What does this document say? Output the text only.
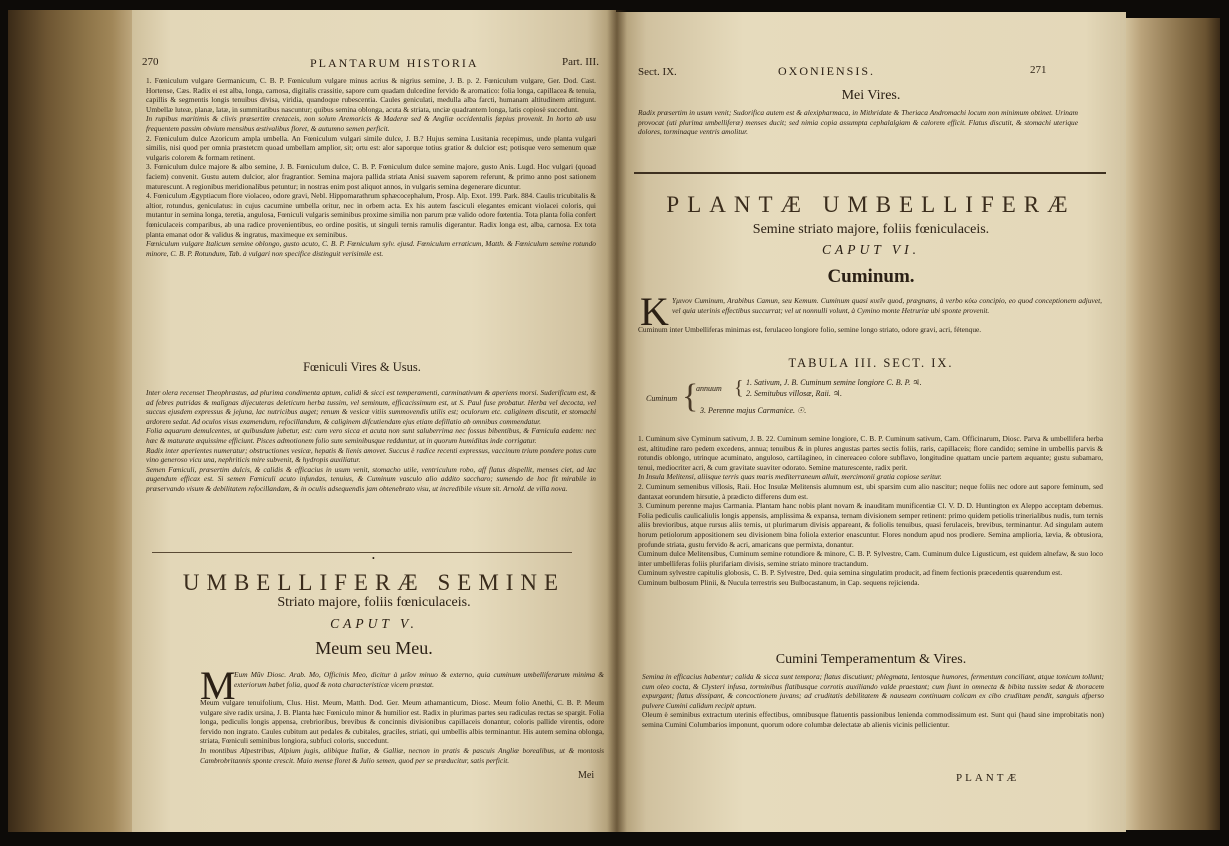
270	PLANTARUM HISTORIA	Part. III.

1. Fœniculum vulgare Germanicum, C. B. P. Fœniculum vulgare minus acrius & nigrius semine, J. B. p. 2. Fœniculum vulgare, Ger. Dod. Cast. Hortense, Cæs. Radix ei est alba, longa, carnosa, digitalis crassitie, sapore cum quadam dulcedine fervido & aromatico: folia longa, capillacea & tenuia, capillis & segmentis longis tenuibus divisa, viridia, quandoque rubescentia. Caules geniculati, medulla alba farcti, humanam altitudinem attingunt. Umbellæ luteæ, planæ, latæ, in summitatibus nascuntur; quibus semina oblonga, acuta & striata, unciæ quadrantem longa, latis copiosè succedunt.

In rupibus maritimis & clivis præsertim cretaceis, non solum Aremoricis & Maderæ sed & Angliæ occidentalis fæpius provenit. In horto ab usu frequentem passim obvium mensibus æstivalibus floret, & autumno semen perficit.

2. Fœniculum dulce Azoricum ampla umbella. An Fœniculum vulgari simile dulce, J. B.? Hujus semina Lusitania recepimus, unde planta vulgari similis, nisi quod per omnia præstetcm quoad umbellam amplior, sit; ortu est: alor saporque totius gratior & dulcior est; potisque vero semenum quæ vulgaris colorem & formam retinent.

3. Fœniculum dulce majore & albo semine, J. B. Fœniculum dulce, C. B. P. Fœniculum dulce semine majore, gusto Anis. Lugd. Hoc vulgari (quoad faciem) convenit. Gustu autem dulcior, alor fragrantior. Semina majora pallida striata Anisi suavem saporem referunt, & primo anno post sationem maturescunt. A regionibus meridionalibus petuntur; in nostras enim post aliquot annos, in vulgaris semina degenerare dicuntur.

4. Fœniculum Ægyptiacum flore violaceo, odore gravi, Nebl. Hippomarathrum sphæcocephalum, Prosp. Alp. Exot. 199. Park. 884. Caulis tricubitalis & altior, rotundus, geniculatus: in cujus cacumine umbella oritur, nec in orbem acta. Ex his autem fasciculi elegantes emicant violacei coloris, qui mutantur in semina longa, teretia, angulosa, Fœniculi vulgaris seminibus proxime similia non parum præ valido odore fœtentia. Tota planta folia confert fœniculaceis comparibus, ab una radice provenientibus, eo ordine positis, ut singuli ternis ramulis digerantur. Radix longa est, alba, carnosa. Ex tota planta emanat odor & validus & ingratus, maximeque ex seminibus.

Fœniculum vulgare Italicum semine oblongo, gusto acuto, C. B. P. Fœniculum sylv. ejusd. Fœniculum erraticum, Matth. & Fœniculum semine rotundo minore, C. B. P. Rotundum, Tab. à vulgari non specifice distinguit verisimile est.

Fœniculi Vires & Usus.

Inter olera recenset Theophrastus, ad plurima condimenta aptum, calidi & sicci est temperamenti, carminativum & aperiens morsi. Suderificum est, & ad febres putridas & malignas dijecuteras deleticum herba tussim, vel seminum, efficacissimum est, ut S. Paul fuse probatur. Herba vel decocta, vel succus ejusdem expressus & jejuna, lac nutricibus auget; renum & vesicæ vitiis summovendis utilis est; oculorum etc. caliginem discutit, et stomachi ardorem sedat. Ad oculos visus examendum, refocillandum, & caliginem difcutiendam ejus etiam defillatio ab omnibus commendatur.

Folia aquarum demulcentes, ut quibusdam jubetur, est: cum vero sicca et acuta non sunt saluberrima nec fossus bibentibus, & Fœnicula eadem: nec hæc & maturate æquissime efficiunt. Pisces admotionem folio sum seminibusque redduntur, ut in quorum humiditas inde corrigatur.

Radix inter aperientes numeratur; obstructiones vesicæ, hepatis & lienis amovet. Succus è radice recenti expressus, vaccinum trium pondere potus cum vino generoso vicu una, nephriticis mire subvenit, & hydropis auxiliatur.

Semen Fœniculi, præsertim dulcis, & calidis & efficacius in usum venit, stomacho utile, ventriculum robo, aff flatus dispellit, menses ciet, ad lac augendum efficax est. Si semen Fœniculi acuto infundas, tenuius, & Cuminum vasculo alio addito saccharo; sumendo de hoc fit mirabile in præservando visum & debilitatem refocillandam, & in oculis adsequendis jam obtenebrato visu, ut incredibile visum sit. Arnold. de villa nova.

•
UMBELLIFERÆ SEMINE
Striato majore, foliis fœniculaceis.
CAPUT V.
Meum seu Meu.
M

Eum Mūv Diosc. Arab. Mo, Officinis Meo, dicitur à μεῖον minuo & externo, quia cuminum umbelliferarum minima & exteriorum habet folia, quod & nota characteristicæ vicem præstat.

Meum vulgare tenuifolium, Clus. Hist. Meum, Matth. Dod. Ger. Meum athamanticum, Diosc. Meum folio Anethi, C. B. P. Meum vulgare sive radix ursina, J. B. Planta hæc Fœniculo minor & humilior est. Radix in plurimas partes seu radiculas rectas se spargit. Folia longa, pediculis longis appensa, crebrioribus, brevibus & concinnis divisionibus capillaceis donantur, coloris pallide virentis, odore fervido non ingrato. Caules cubitum aut pedales & cubitales, graciles, striati, qui umbellis albis terminantur. His autem semina oblonga, striata, Fœniculi seminibus longiora, subfuci coloris, succedunt.

In montibus Alpestribus, Alpium jugis, alibique Italiæ, & Galliæ, necnon in pratis & pascuis Angliæ borealibus, ut & montosis Cambrobritannis sponte crescit. Maio mense floret & Julio semen, quod per se præducitur, satis perficit.

Mei
Sect. IX.	OXONIENSIS.	271
Mei Vires.
Radix præsertim in usum venit; Sudorifica autem est & alexipharmaca, in Mithridate & Theriaca Andromachi locum non minimum obtinet. Urinam provocat (uti plurima umbelliferæ) menses ducit; sed nimia copia assumpta cephalalgiam & calorem efficit. Flatus discutit, & stomachi uterique dolores, torminaque ventris amolitur.
PLANTÆ UMBELLIFERÆ
Semine striato majore, foliis fœniculaceis.
CAPUT VI.
Cuminum.
K Yμινον Cuminum, Arabibus Camun, seu Kemum. Cuminum quasi κυεῖν quod, prægnans, à verbo κύω concipio, eo quod conceptionem adjuvet, vel quia uterinis effectibus succurrat; vel ut nonnulli volunt, à Cymino monte Hetruriæ ubi sponte provenit.
Cuminum inter Umbelliferas minimas est, ferulaceo longiore folio, semine longo striato, odore gravi, acri, fétenque.
TABULA III. SECT. IX.
Cuminum {
annuum { 1. Sativum, J. B. Cuminum semine longiore C. B. P. ♃.
2. Semitubus villosæ, Raii. ♃.
3. Perenne majus Carmanice. ☉.

1. Cuminum sive Cyminum sativum, J. B. 22. Cuminum semine longiore, C. B. P. Cuminum sativum, Cam. Officinarum, Diosc. Parva & umbellifera herba est, altitudine raro pedem excedens, annua; tenuibus & in plures angustas partes sectis foliis, raris, capillaceis; flore candido; semine in umbellis parvis & rotundis oblongo, utrinque acuminato, anguloso, cartilagineo, in cinereaceo colore subflavo, longitudine quattam uncie partem æquante; gustu subamaro, tenui, mediocriter acri, & cum gravitate suaviter odorato. Semine maturescente, radix perit.

In Insula Melitensi, aliisque terris quas maris mediterraneum alluit, mercimonii gratia copiose seritur.

2. Cuminum semenibus villosis, Raii. Hoc Insulæ Melitensis alumnum est, ubi sparsim cum alio nascitur; neque foliis nec odore aut sapore feminum, sed dantaxat eorundem hirsutie, à prædicto differens dum est.

3. Cuminum perenne majus Carmania. Plantam hanc nobis plant novam & inauditam munificentiæ Cl. V. D. D. Huntington ex Aleppo acceptam debemus. Folia pediculis caulicaliulis longis appensis, amplissima & expansa, ternam divisionem semper retinent: primo quidem petiolis trinerialibus nudis, tum ternis aliis brevioribus, atque rursus aliis ternis, ut plurimarum divisis appareant, & foliolis tenuibus, quasi ferulaceis, brevibus, terminantur. Ad singulam autem horum petiolorum appositionem seu divisionem bina foliola exterior enascuntur. Flores nondum apud nos prodiere. Semina amplioria, lævia, & obtusiora, profunde striata, gustu fervido & acri, amaricans que permixta, donantur.

Cuminum dulce Melitensibus, Cuminum semine rotundiore & minore, C. B. P. Sylvestre, Cam. Cuminum dulce Ligusticum, est quidem alnefaw, & suo loco inter umbelliferas foliis plurifariam divisis, semine striato minore tractandum.

Cuminum sylvestre capitulis globosis, C. B. P. Sylvestre, Ded. quia semina singulatim producit, ad finem fectionis præcedentis quærendum est.

Cuminum bulbosum Plinii, & Nucula terrestris seu Bulbocastanum, in Cap. sequens rejicienda.

Cumini Temperamentum & Vires.

Semina in efficacius habentur; calida & sicca sunt tempora; flatus discutiunt; phlegmata, lentosque humores, fermentum conciliant, atque tonicum tollunt; cum oleo cocta, & Clysteri infusa, torminibus flatibusque corrotis auxiliando valde praestant; cum fiunt in omnecta & bibita tussim sedat & thoracem expurgant; flatus dissipant, & concoctionem juvans; ad cruditatis debilitatem & nauseam continuam colicam ex cibo cruditam pendit, sanguis afperso pulvere Cumini calidum recipit aptum.

Oleum è seminibus extractum uterinis effectibus, omnibusque flatuentis passionibus lenienda commodissimum est. Sunt qui (haud sine improbitatis non) semina Cumini Columbarios imponunt, quorum odore columbæ delectatæ ab alienis vicinis pellicientur.

PLANTÆ
